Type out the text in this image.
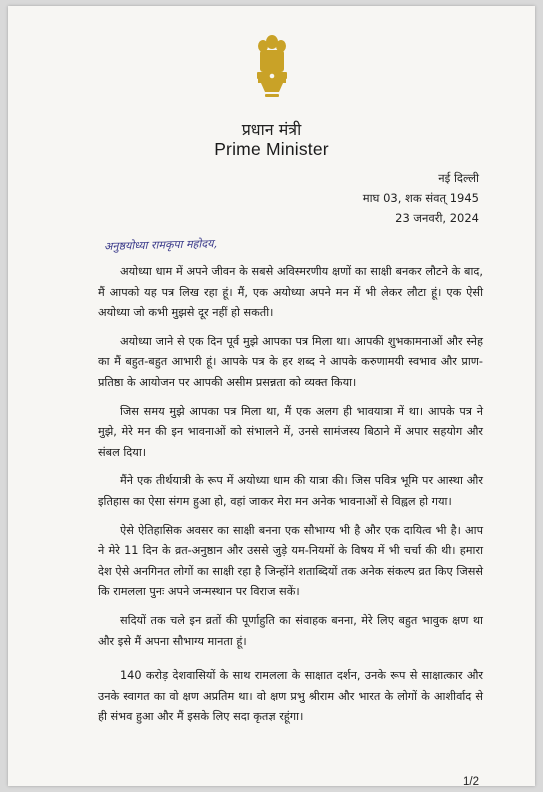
प्रधान मंत्री
Prime Minister
नई दिल्ली
माघ 03, शक संवत् 1945
23 जनवरी, 2024
अनुष्ठयोध्या रामकृपा महोदय,

अयोध्या धाम में अपने जीवन के सबसे अविस्मरणीय क्षणों का साक्षी बनकर लौटने के बाद, मैं आपको यह पत्र लिख रहा हूं। मैं, एक अयोध्या अपने मन में भी लेकर लौटा हूं। एक ऐसी अयोध्या जो कभी मुझसे दूर नहीं हो सकती।

अयोध्या जाने से एक दिन पूर्व मुझे आपका पत्र मिला था। आपकी शुभकामनाओं और स्नेह का मैं बहुत-बहुत आभारी हूं। आपके पत्र के हर शब्द ने आपके करुणामयी स्वभाव और प्राण-प्रतिष्ठा के आयोजन पर आपकी असीम प्रसन्नता को व्यक्त किया।

जिस समय मुझे आपका पत्र मिला था, मैं एक अलग ही भावयात्रा में था। आपके पत्र ने मुझे, मेरे मन की इन भावनाओं को संभालने में, उनसे सामंजस्य बिठाने में अपार सहयोग और संबल दिया।

मैंने एक तीर्थयात्री के रूप में अयोध्या धाम की यात्रा की। जिस पवित्र भूमि पर आस्था और इतिहास का ऐसा संगम हुआ हो, वहां जाकर मेरा मन अनेक भावनाओं से विह्वल हो गया।

ऐसे ऐतिहासिक अवसर का साक्षी बनना एक सौभाग्य भी है और एक दायित्व भी है। आप ने मेरे 11 दिन के व्रत-अनुष्ठान और उससे जुड़े यम-नियमों के विषय में भी चर्चा की थी। हमारा देश ऐसे अनगिनत लोगों का साक्षी रहा है जिन्होंने शताब्दियों तक अनेक संकल्प व्रत किए जिससे कि रामलला पुनः अपने जन्मस्थान पर विराज सकें।

सदियों तक चले इन व्रतों की पूर्णाहुति का संवाहक बनना, मेरे लिए बहुत भावुक क्षण था और इसे मैं अपना सौभाग्य मानता हूं।

140 करोड़ देशवासियों के साथ रामलला के साक्षात दर्शन, उनके रूप से साक्षात्कार और उनके स्वागत का वो क्षण अप्रतिम था। वो क्षण प्रभु श्रीराम और भारत के लोगों के आशीर्वाद से ही संभव हुआ और मैं इसके लिए सदा कृतज्ञ रहूंगा।

1/2
